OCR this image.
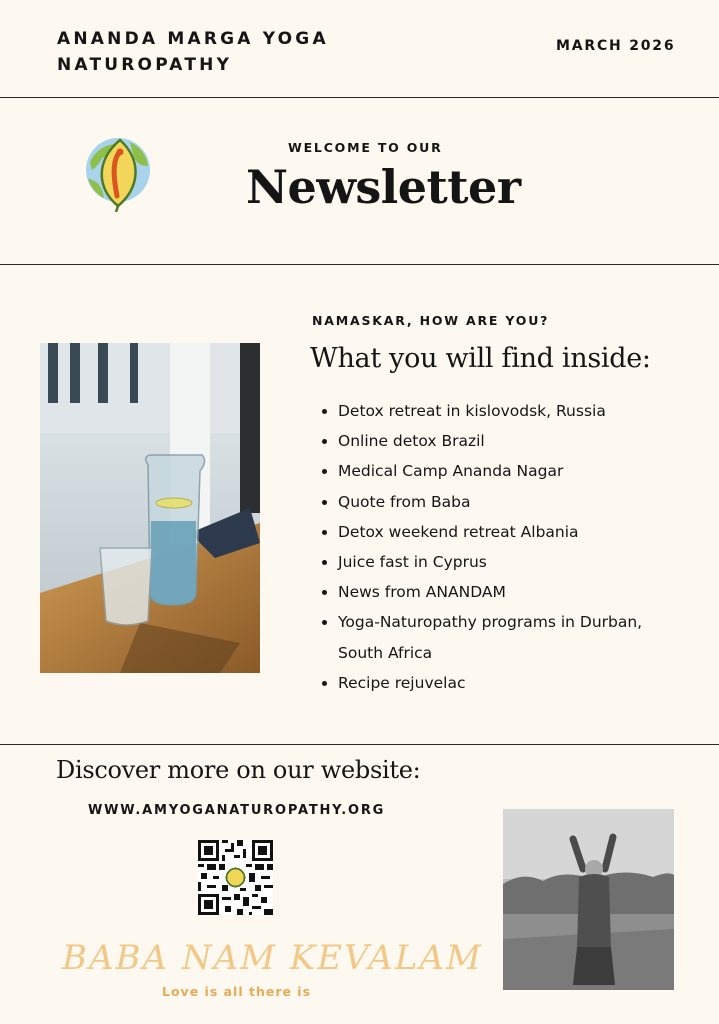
ANANDA MARGA YOGA
NATUROPATHY
MARCH 2026
WELCOME TO OUR
Newsletter
NAMASKAR, HOW ARE YOU?
What you will find inside:
• Detox retreat in kislovodsk, Russia
• Online detox Brazil
• Medical Camp Ananda Nagar
• Quote from Baba
• Detox weekend retreat Albania
• Juice fast in Cyprus
• News from ANANDAM
• Yoga-Naturopathy programs in Durban, South Africa
• Recipe rejuvelac
Discover more on our website:
WWW.AMYOGANATUROPATHY.ORG
BABA NAM KEVALAM
Love is all there is
